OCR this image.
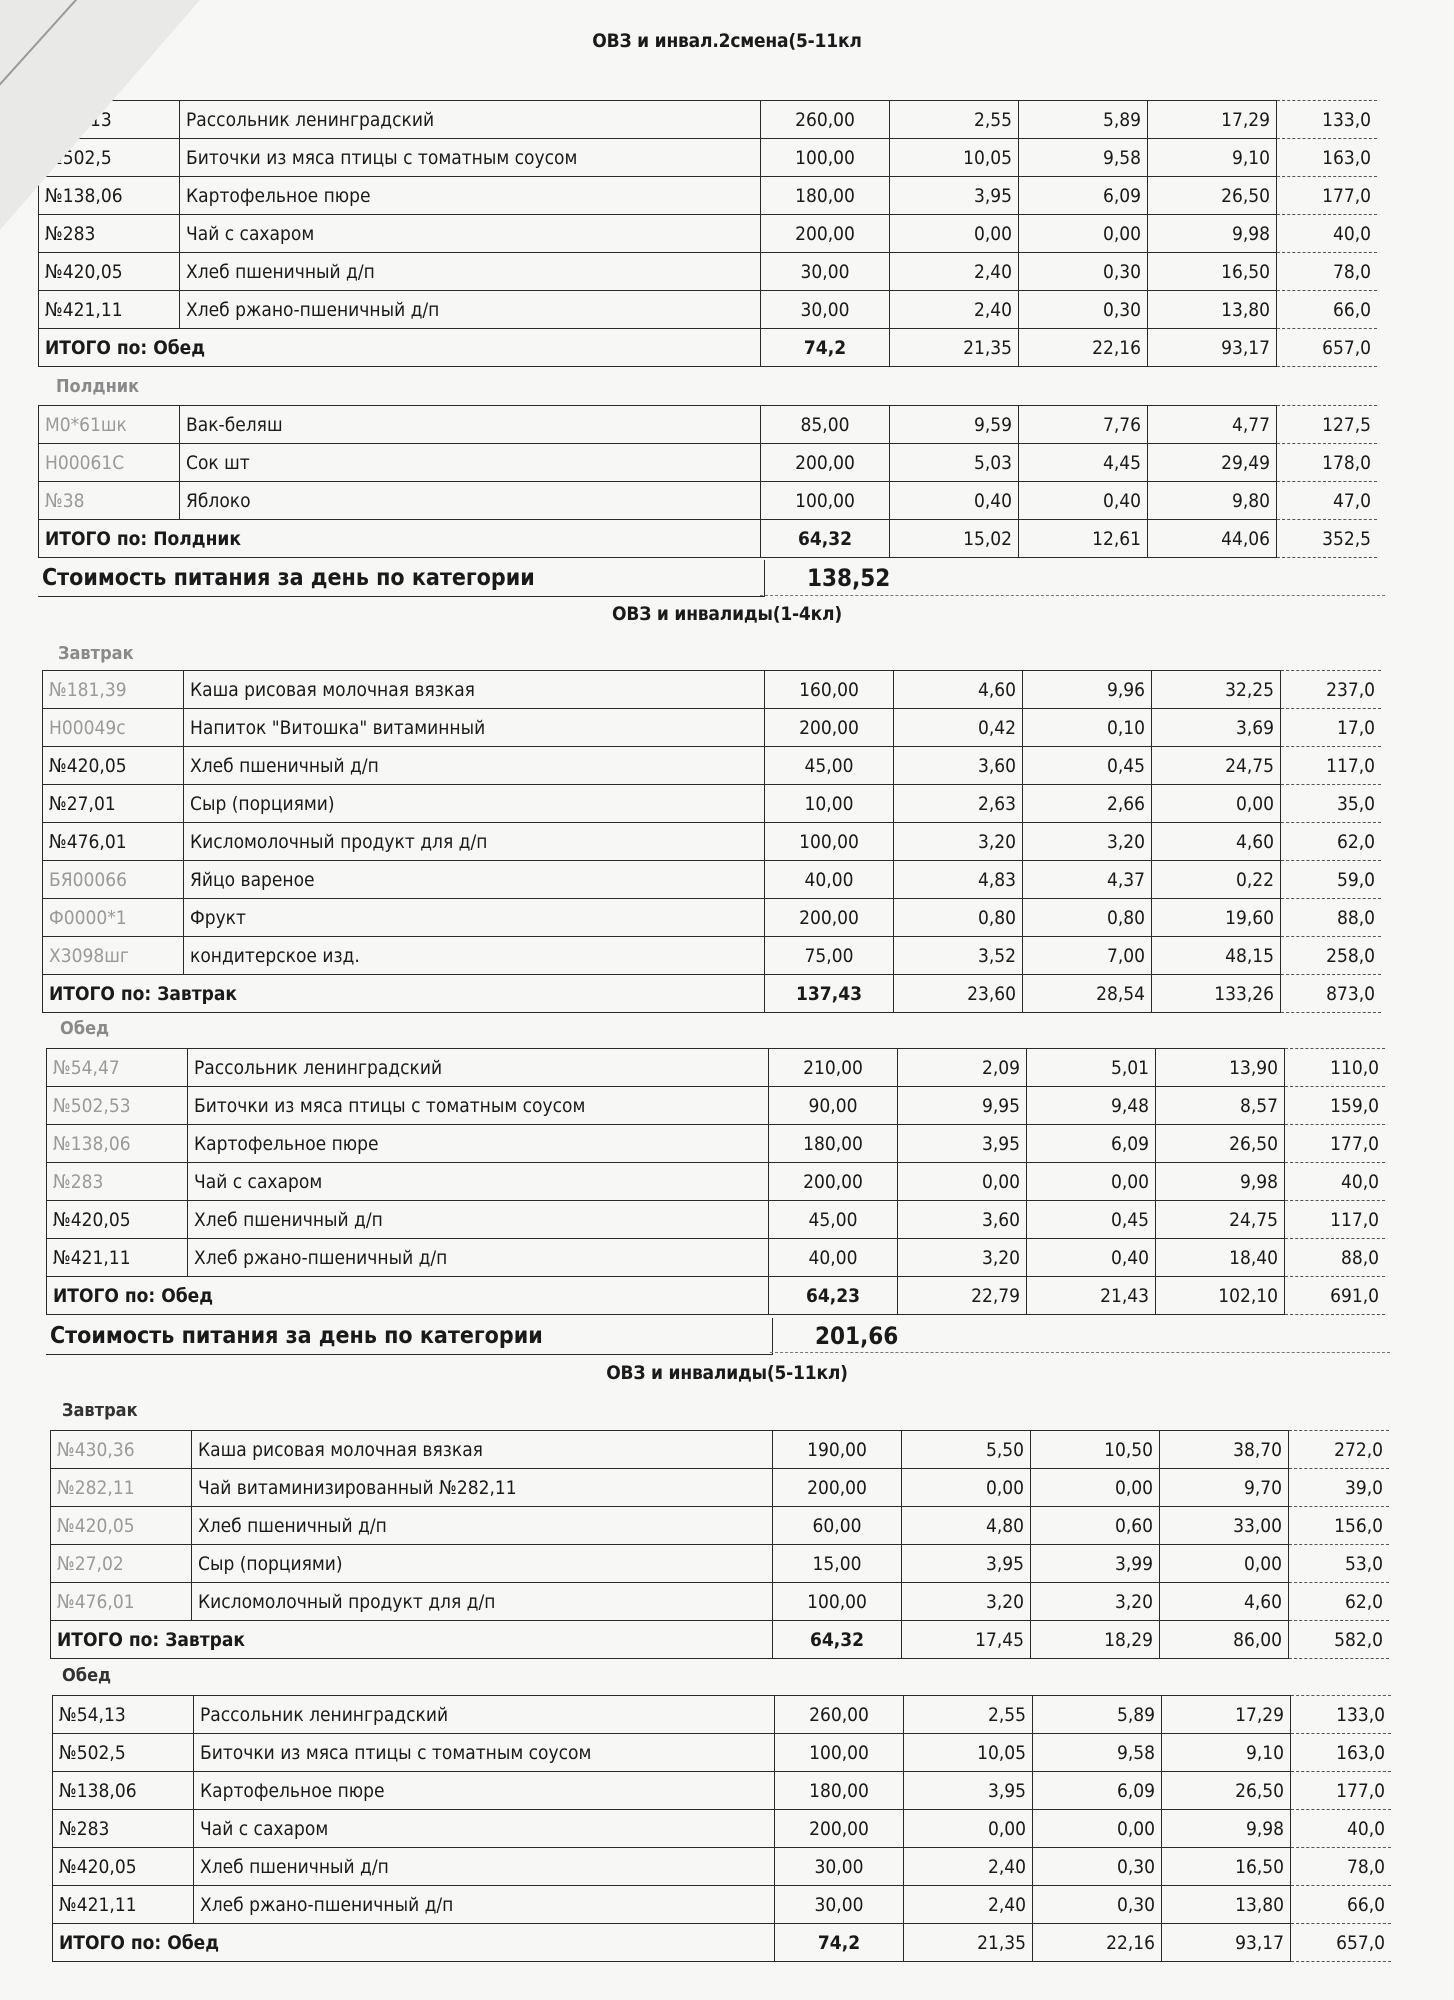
ОВЗ и инвал.2смена(5-11кл
№54,13	Рассольник ленинградский	260,00	2,55	5,89	17,29	133,0
№502,5	Биточки из мяса птицы с томатным соусом	100,00	10,05	9,58	9,10	163,0
№138,06	Картофельное пюре	180,00	3,95	6,09	26,50	177,0
№283	Чай с сахаром	200,00	0,00	0,00	9,98	40,0
№420,05	Хлеб пшеничный д/п	30,00	2,40	0,30	16,50	78,0
№421,11	Хлеб ржано-пшеничный д/п	30,00	2,40	0,30	13,80	66,0
ИТОГО по: Обед		74,2	21,35	22,16	93,17	657,0
Полдник
М0*61шк	Вак-беляш	85,00	9,59	7,76	4,77	127,5
Н00061С	Сок шт	200,00	5,03	4,45	29,49	178,0
№38	Яблоко	100,00	0,40	0,40	9,80	47,0
ИТОГО по: Полдник		64,32	15,02	12,61	44,06	352,5
Стоимость питания за день по категории	138,52
ОВЗ и инвалиды(1-4кл)
Завтрак
№181,39	Каша рисовая молочная вязкая	160,00	4,60	9,96	32,25	237,0
Н00049с	Напиток "Витошка" витаминный	200,00	0,42	0,10	3,69	17,0
№420,05	Хлеб пшеничный д/п	45,00	3,60	0,45	24,75	117,0
№27,01	Сыр (порциями)	10,00	2,63	2,66	0,00	35,0
№476,01	Кисломолочный продукт для д/п	100,00	3,20	3,20	4,60	62,0
БЯ00066	Яйцо вареное	40,00	4,83	4,37	0,22	59,0
Ф0000*1	Фрукт	200,00	0,80	0,80	19,60	88,0
Х3098шг	кондитерское изд.	75,00	3,52	7,00	48,15	258,0
ИТОГО по: Завтрак		137,43	23,60	28,54	133,26	873,0
Обед
№54,47	Рассольник ленинградский	210,00	2,09	5,01	13,90	110,0
№502,53	Биточки из мяса птицы с томатным соусом	90,00	9,95	9,48	8,57	159,0
№138,06	Картофельное пюре	180,00	3,95	6,09	26,50	177,0
№283	Чай с сахаром	200,00	0,00	0,00	9,98	40,0
№420,05	Хлеб пшеничный д/п	45,00	3,60	0,45	24,75	117,0
№421,11	Хлеб ржано-пшеничный д/п	40,00	3,20	0,40	18,40	88,0
ИТОГО по: Обед		64,23	22,79	21,43	102,10	691,0
Стоимость питания за день по категории	201,66
ОВЗ и инвалиды(5-11кл)
Завтрак
№430,36	Каша рисовая молочная вязкая	190,00	5,50	10,50	38,70	272,0
№282,11	Чай витаминизированный №282,11	200,00	0,00	0,00	9,70	39,0
№420,05	Хлеб пшеничный д/п	60,00	4,80	0,60	33,00	156,0
№27,02	Сыр (порциями)	15,00	3,95	3,99	0,00	53,0
№476,01	Кисломолочный продукт для д/п	100,00	3,20	3,20	4,60	62,0
ИТОГО по: Завтрак		64,32	17,45	18,29	86,00	582,0
Обед
№54,13	Рассольник ленинградский	260,00	2,55	5,89	17,29	133,0
№502,5	Биточки из мяса птицы с томатным соусом	100,00	10,05	9,58	9,10	163,0
№138,06	Картофельное пюре	180,00	3,95	6,09	26,50	177,0
№283	Чай с сахаром	200,00	0,00	0,00	9,98	40,0
№420,05	Хлеб пшеничный д/п	30,00	2,40	0,30	16,50	78,0
№421,11	Хлеб ржано-пшеничный д/п	30,00	2,40	0,30	13,80	66,0
ИТОГО по: Обед		74,2	21,35	22,16	93,17	657,0
